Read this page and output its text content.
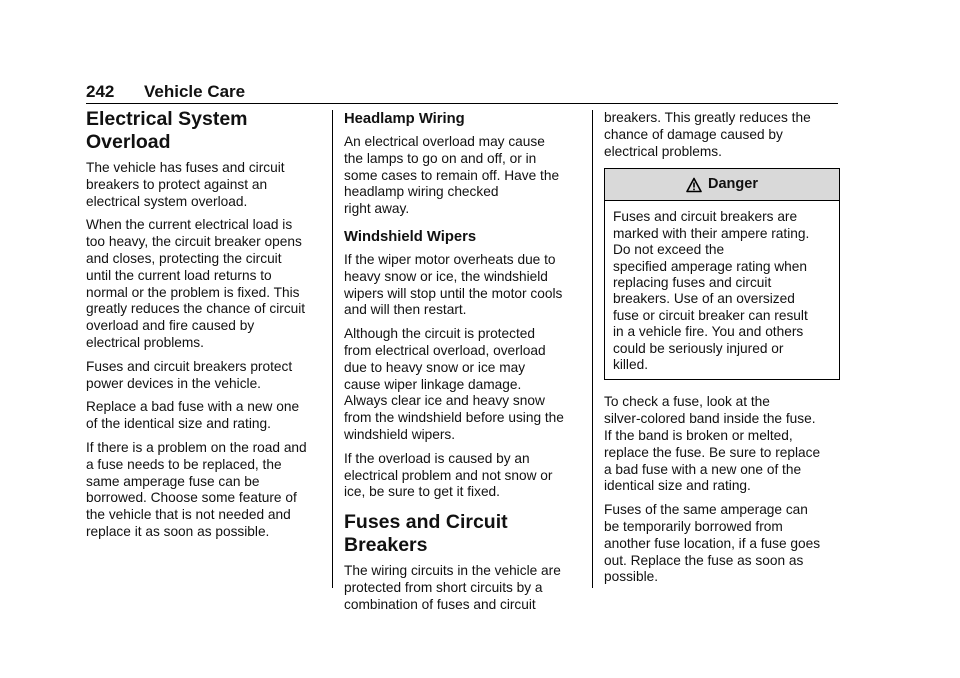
242 Vehicle Care
Electrical System
Overload

The vehicle has fuses and circuit
breakers to protect against an
electrical system overload.

When the current electrical load is
too heavy, the circuit breaker opens
and closes, protecting the circuit
until the current load returns to
normal or the problem is fixed. This
greatly reduces the chance of circuit
overload and fire caused by
electrical problems.

Fuses and circuit breakers protect
power devices in the vehicle.

Replace a bad fuse with a new one
of the identical size and rating.

If there is a problem on the road and
a fuse needs to be replaced, the
same amperage fuse can be
borrowed. Choose some feature of
the vehicle that is not needed and
replace it as soon as possible.

Headlamp Wiring

An electrical overload may cause
the lamps to go on and off, or in
some cases to remain off. Have the
headlamp wiring checked
right away.

Windshield Wipers

If the wiper motor overheats due to
heavy snow or ice, the windshield
wipers will stop until the motor cools
and will then restart.

Although the circuit is protected
from electrical overload, overload
due to heavy snow or ice may
cause wiper linkage damage.
Always clear ice and heavy snow
from the windshield before using the
windshield wipers.

If the overload is caused by an
electrical problem and not snow or
ice, be sure to get it fixed.

Fuses and Circuit
Breakers

The wiring circuits in the vehicle are
protected from short circuits by a
combination of fuses and circuit

breakers. This greatly reduces the
chance of damage caused by
electrical problems.

Danger
Fuses and circuit breakers are
marked with their ampere rating.
Do not exceed the
specified amperage rating when
replacing fuses and circuit
breakers. Use of an oversized
fuse or circuit breaker can result
in a vehicle fire. You and others
could be seriously injured or
killed.

To check a fuse, look at the
silver-colored band inside the fuse.
If the band is broken or melted,
replace the fuse. Be sure to replace
a bad fuse with a new one of the
identical size and rating.

Fuses of the same amperage can
be temporarily borrowed from
another fuse location, if a fuse goes
out. Replace the fuse as soon as
possible.
